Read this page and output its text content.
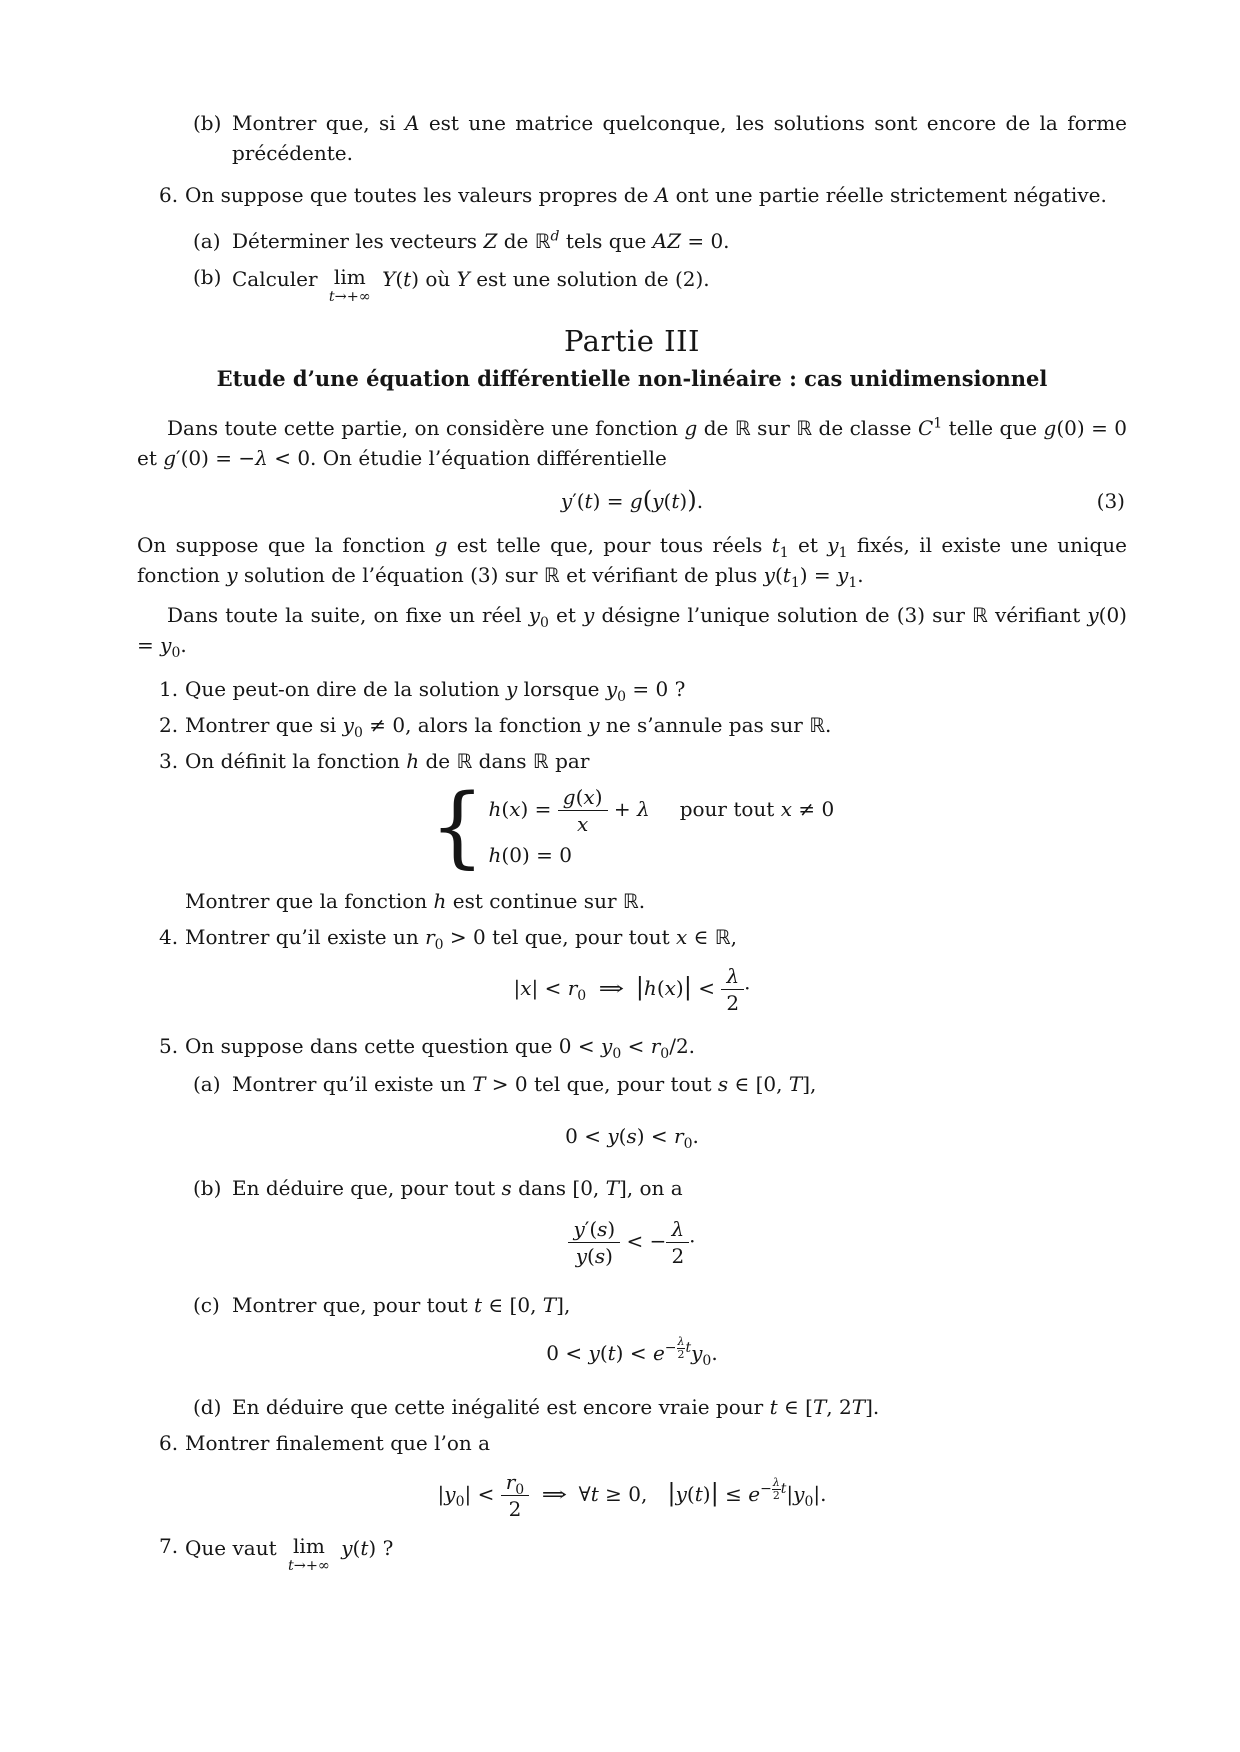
(b) Montrer que, si A est une matrice quelconque, les solutions sont encore de la forme précédente.
6. On suppose que toutes les valeurs propres de A ont une partie réelle strictement négative.
(a) Déterminer les vecteurs Z de ℝ$^d$ tels que AZ = 0.
(b) Calculer lim
t→+∞
Y(t) où Y est une solution de (2).
Partie III
Etude d’une équation différentielle non-linéaire : cas unidimensionnel

Dans toute cette partie, on considère une fonction g de ℝ sur ℝ de classe $C^1$ telle que g(0) = 0 et g′(0) = −λ < 0. On étudie l’équation différentielle

y′(t) = g(y(t)).	(3)

On suppose que la fonction g est telle que, pour tous réels $t_1$ et $y_1$ fixés, il existe une unique fonction y solution de l’équation (3) sur ℝ et vérifiant de plus $y(t_1) = y_1$.

Dans toute la suite, on fixe un réel $y_0$ et y désigne l’unique solution de (3) sur ℝ vérifiant $y(0) = y_0$.

1. Que peut-on dire de la solution y lorsque $y_0 = 0$ ?
2. Montrer que si $y_0 \ne 0$, alors la fonction y ne s’annule pas sur ℝ.
3. On définit la fonction h de ℝ dans ℝ par
{ $h(x) = \frac{g(x)}{x} + \lambda$ pour tout x ≠ 0
h(0) = 0
Montrer que la fonction h est continue sur ℝ.
4. Montrer qu’il existe un $r_0 > 0$ tel que, pour tout x ∈ ℝ,
$|x| < r_0$ ⇒ $|h(x)| < \frac{\lambda}{2}$ ·
5. On suppose dans cette question que $0 < y_0 < r_0/2$.
(a) Montrer qu’il existe un T > 0 tel que, pour tout s ∈ [0, T],
$0 < y(s) < r_0$.
(b) En déduire que, pour tout s dans [0, T], on a
$\frac{y'(s)}{y(s)}$ < − $\frac{\lambda}{2}$ ·
(c) Montrer que, pour tout t ∈ [0, T],
$0 < y(t) < e^{- \frac{\lambda}{2} t}y_0$.
(d) En déduire que cette inégalité est encore vraie pour t ∈ [T, 2T].
6. Montrer finalement que l’on a
$|y_0| < \frac{r_0}{2}$ ⇒ ∀t ≥ 0, $|y(t)| \le e^{- \frac{\lambda}{2} t}|y_0|$.
7. Que vaut lim
t→+∞
y(t) ?
